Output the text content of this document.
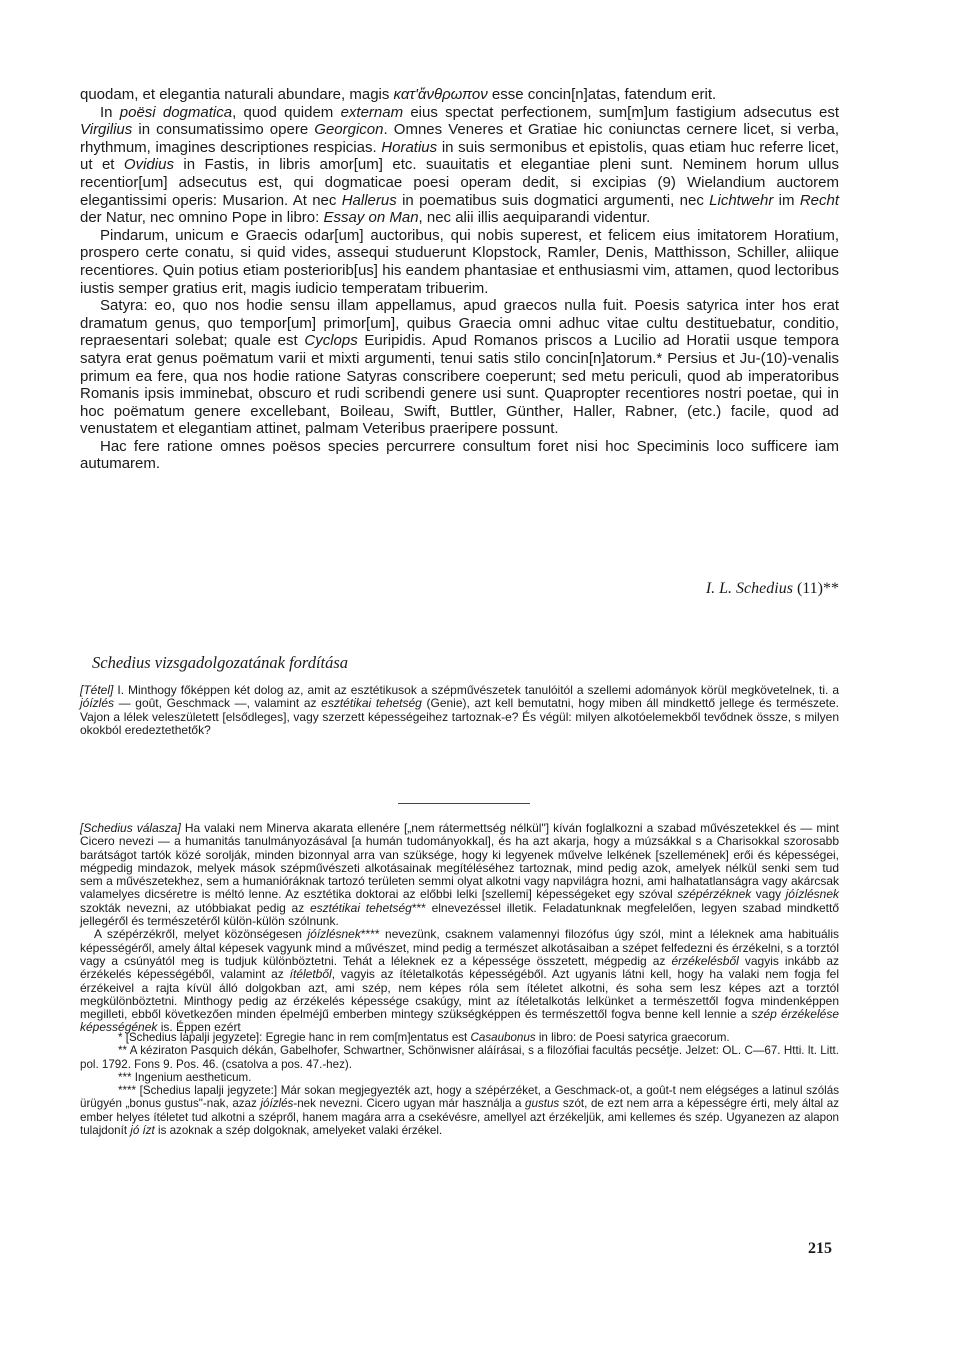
quodam, et elegantia naturali abundare, magis κατ'ἄνθρωπον esse concin[n]atas, fatendum erit.

In poësi dogmatica, quod quidem externam eius spectat perfectionem, sum[m]um fastigium adsecutus est Virgilius in consumatissimo opere Georgicon. Omnes Veneres et Gratiae hic coniunctas cernere licet, si verba, rhythmum, imagines descriptiones respicias. Horatius in suis sermonibus et epistolis, quas etiam huc referre licet, ut et Ovidius in Fastis, in libris amor[um] etc. suauitatis et elegantiae pleni sunt. Neminem horum ullus recentior[um] adsecutus est, qui dogmaticae poesi operam dedit, si excipias (9) Wielandium auctorem elegantissimi operis: Musarion. At nec Hallerus in poematibus suis dogmatici argumenti, nec Lichtwehr im Recht der Natur, nec omnino Pope in libro: Essay on Man, nec alii illis aequiparandi videntur.

Pindarum, unicum e Graecis odar[um] auctoribus, qui nobis superest, et felicem eius imitatorem Horatium, prospero certe conatu, si quid vides, assequi studuerunt Klopstock, Ramler, Denis, Matthisson, Schiller, aliique recentiores. Quin potius etiam posteriorib[us] his eandem phantasiae et enthusiasmi vim, attamen, quod lectoribus iustis semper gratius erit, magis iudicio temperatam tribuerim.

Satyra: eo, quo nos hodie sensu illam appellamus, apud graecos nulla fuit. Poesis satyrica inter hos erat dramatum genus, quo tempor[um] primor[um], quibus Graecia omni adhuc vitae cultu destituebatur, conditio, repraesentari solebat; quale est Cyclops Euripidis. Apud Romanos priscos a Lucilio ad Horatii usque tempora satyra erat genus poëmatum varii et mixti argumenti, tenui satis stilo concin[n]atorum.* Persius et Ju-(10)-venalis primum ea fere, qua nos hodie ratione Satyras conscribere coeperunt; sed metu periculi, quod ab imperatoribus Romanis ipsis imminebat, obscuro et rudi scribendi genere usi sunt. Quapropter recentiores nostri poetae, qui in hoc poëmatum genere excellebant, Boileau, Swift, Buttler, Günther, Haller, Rabner, (etc.) facile, quod ad venustatem et elegantiam attinet, palmam Veteribus praeripere possunt.

Hac fere ratione omnes poësos species percurrere consultum foret nisi hoc Speciminis loco sufficere iam autumarem.

I. L. Schedius (11)**
Schedius vizsgadolgozatának fordítása

[Tétel] I. Minthogy főképpen két dolog az, amit az esztétikusok a szépművészetek tanulóitól a szellemi adományok körül megkövetelnek, ti. a jóízlés — goût, Geschmack —, valamint az esztétikai tehetség (Genie), azt kell bemutatni, hogy miben áll mindkettő jellege és természete. Vajon a lélek veleszületett [elsődleges], vagy szerzett képességeihez tartoznak-e? És végül: milyen alkotóelemekből tevődnek össze, s milyen okokból eredeztethetők?

[Schedius válasza] Ha valaki nem Minerva akarata ellenére [„nem rátermettség nélkül"] kíván foglalkozni a szabad művészetekkel és — mint Cicero nevezi — a humanitás tanulmányozásával [a humán tudományokkal], és ha azt akarja, hogy a múzsákkal s a Charisokkal szorosabb barátságot tartók közé sorolják, minden bizonnyal arra van szüksége, hogy ki legyenek művelve lelkének [szellemének] erői és képességei, mégpedig mindazok, melyek mások szépművészeti alkotásainak megítéléséhez tartoznak, mind pedig azok, amelyek nélkül senki sem tud sem a művészetekhez, sem a humanióráknak tartozó területen semmi olyat alkotni vagy napvilágra hozni, ami halhatatlanságra vagy akárcsak valamelyes dicséretre is méltó lenne. Az esztétika doktorai az előbbi lelki [szellemi] képességeket egy szóval szépérzéknek vagy jóízlésnek szokták nevezni, az utóbbiakat pedig az esztétikai tehetség*** elnevezéssel illetik. Feladatunknak megfelelően, legyen szabad mindkettő jellegéről és természetéről külön-külön szólnunk.

A szépérzékről, melyet közönségesen jóízlésnek**** nevezünk, csaknem valamennyi filozófus úgy szól, mint a léleknek ama habituális képességéről, amely által képesek vagyunk mind a művészet, mind pedig a természet alkotásaiban a szépet felfedezni és érzékelni, s a torztól vagy a csúnyától meg is tudjuk különböztetni. Tehát a léleknek ez a képessége összetett, mégpedig az érzékelésből vagyis inkább az érzékelés képességéből, valamint az ítéletből, vagyis az ítéletalkotás képességéből. Azt ugyanis látni kell, hogy ha valaki nem fogja fel érzékeivel a rajta kívül álló dolgokban azt, ami szép, nem képes róla sem ítéletet alkotni, és soha sem lesz képes azt a torztól megkülönböztetni. Minthogy pedig az érzékelés képessége csakúgy, mint az ítéletalkotás lelkünket a természettől fogva mindenképpen megilleti, ebből következően minden épelméjű emberben mintegy szükségképpen és természettől fogva benne kell lennie a szép érzékelése képességének is. Éppen ezért

* [Schedius lapalji jegyzete]: Egregie hanc in rem com[m]entatus est Casaubonus in libro: de Poesi satyrica graecorum.

** A kéziraton Pasquich dékán, Gabelhofer, Schwartner, Schönwisner aláírásai, s a filozófiai facultás pecsétje. Jelzet: OL. C—67. Htti. lt. Litt. pol. 1792. Fons 9. Pos. 46. (csatolva a pos. 47.-hez).

*** Ingenium aestheticum.

**** [Schedius lapalji jegyzete:] Már sokan megjegyezték azt, hogy a szépérzéket, a Geschmack-ot, a goût-t nem elégséges a latinul szólás ürügyén „bonus gustus"-nak, azaz jóízlés-nek nevezni. Cicero ugyan már használja a gustus szót, de ezt nem arra a képességre érti, mely által az ember helyes ítéletet tud alkotni a szépről, hanem magára arra a csekévésre, amellyel azt érzékeljük, ami kellemes és szép. Ugyanezen az alapon tulajdonít jó ízt is azoknak a szép dolgoknak, amelyeket valaki érzékel.

215
